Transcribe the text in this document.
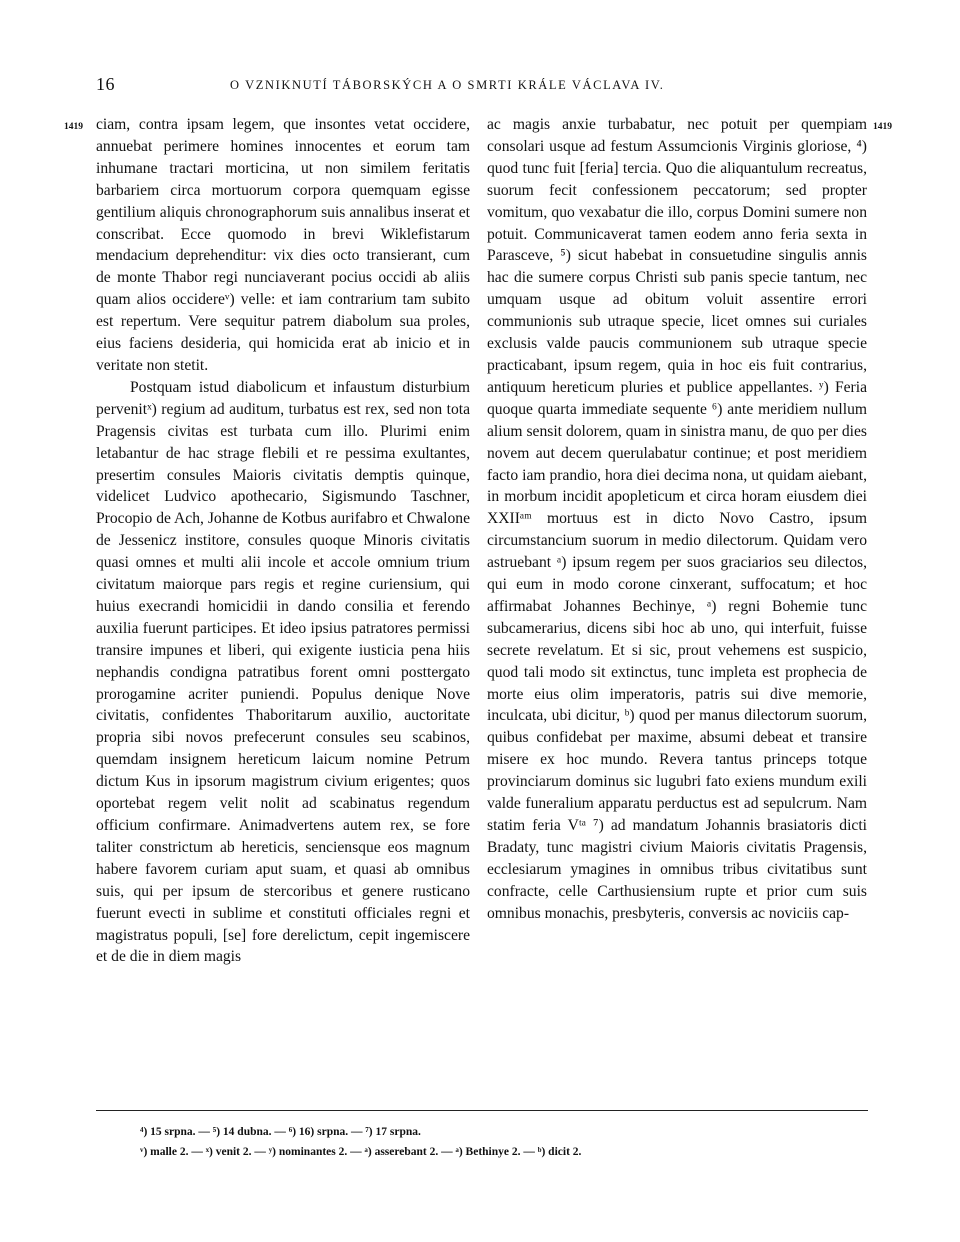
16	O VZNIKNUTÍ TÁBORSKÝCH A O SMRTI KRÁLE VÁCLAVA IV.
1419	1419

ciam, contra ipsam legem, que insontes vetat occidere, annuebat perimere homines innocentes et eorum tam inhumane tractari morticina, ut non similem feritatis barbariem circa mortuorum corpora quemquam egisse gentilium aliquis chronographorum suis annalibus inserat et conscribat. Ecce quomodo in brevi Wiklefistarum mendacium deprehenditur: vix dies octo transierant, cum de monte Thabor regi nunciaverant pocius occidi ab aliis quam alios occidereᵛ) velle: et iam contrarium tam subito est repertum. Vere sequitur patrem diabolum sua proles, eius faciens desideria, qui homicida erat ab inicio et in veritate non stetit.

Postquam istud diabolicum et infaustum disturbium pervenitˣ) regium ad auditum, turbatus est rex, sed non tota Pragensis civitas est turbata cum illo. Plurimi enim letabantur de hac strage flebili et re pessima exultantes, presertim consules Maioris civitatis demptis quinque, videlicet Ludvico apothecario, Sigismundo Taschner, Procopio de Ach, Johanne de Kotbus aurifabro et Chwalone de Jessenicz institore, consules quoque Minoris civitatis quasi omnes et multi alii incole et accole omnium trium civitatum maiorque pars regis et regine curiensium, qui huius execrandi homicidii in dando consilia et ferendo auxilia fuerunt participes. Et ideo ipsius patratores permissi transire impunes et liberi, qui exigente iusticia pena hiis nephandis condigna patratibus forent omni posttergato prorogamine acriter puniendi. Populus denique Nove civitatis, confidentes Thaboritarum auxilio, auctoritate propria sibi novos prefecerunt consules seu scabinos, quemdam insignem hereticum laicum nomine Petrum dictum Kus in ipsorum magistrum civium erigentes; quos oportebat regem velit nolit ad scabinatus regendum officium confirmare. Animadvertens autem rex, se fore taliter constrictum ab hereticis, senciensque eos magnum habere favorem curiam aput suam, et quasi ab omnibus suis, qui per ipsum de stercoribus et genere rusticano fuerunt evecti in sublime et constituti officiales regni et magistratus populi, [se] fore derelictum, cepit ingemiscere et de die in diem magis

ac magis anxie turbabatur, nec potuit per quempiam consolari usque ad festum Assumcionis Virginis gloriose, ⁴) quod tunc fuit [feria] tercia. Quo die aliquantulum recreatus, suorum fecit confessionem peccatorum; sed propter vomitum, quo vexabatur die illo, corpus Domini sumere non potuit. Communicaverat tamen eodem anno feria sexta in Parasceve, ⁵) sicut habebat in consuetudine singulis annis hac die sumere corpus Christi sub panis specie tantum, nec umquam usque ad obitum voluit assentire errori communionis sub utraque specie, licet omnes sui curiales exclusis valde paucis communionem sub utraque specie practicabant, ipsum regem, quia in hoc eis fuit contrarius, antiquum hereticum pluries et publice appellantes. ʸ) Feria quoque quarta immediate sequente ⁶) ante meridiem nullum alium sensit dolorem, quam in sinistra manu, de quo per dies novem aut decem querulabatur continue; et post meridiem facto iam prandio, hora diei decima nona, ut quidam aiebant, in morbum incidit apopleticum et circa horam eiusdem diei XXIIᵃᵐ mortuus est in dicto Novo Castro, ipsum circumstancium suorum in medio dilectorum. Quidam vero astruebant ᵃ) ipsum regem per suos graciarios seu dilectos, qui eum in modo corone cinxerant, suffocatum; et hoc affirmabat Johannes Bechinye, ᵃ) regni Bohemie tunc subcamerarius, dicens sibi hoc ab uno, qui interfuit, fuisse secrete revelatum. Et si sic, prout vehemens est suspicio, quod tali modo sit extinctus, tunc impleta est prophecia de morte eius olim imperatoris, patris sui dive memorie, inculcata, ubi dicitur, ᵇ) quod per manus dilectorum suorum, quibus confidebat per maxime, absumi debeat et transire misere ex hoc mundo. Revera tantus princeps totque provinciarum dominus sic lugubri fato exiens mundum exili valde funeralium apparatu perductus est ad sepulcrum. Nam statim feria Vᵗᵃ ⁷) ad mandatum Johannis brasiatoris dicti Bradaty, tunc magistri civium Maioris civitatis Pragensis, ecclesiarum ymagines in omnibus tribus civitatibus sunt confracte, celle Carthusiensium rupte et prior cum suis omnibus monachis, presbyteris, conversis ac noviciis cap-

⁴) 15 srpna. — ⁵) 14 dubna. — ⁶) 16) srpna. — ⁷) 17 srpna.
ᵛ) malle 2. — ˣ) venit 2. — ʸ) nominantes 2. — ᵃ) asserebant 2. — ᵃ) Bethinye 2. — ᵇ) dicit 2.
